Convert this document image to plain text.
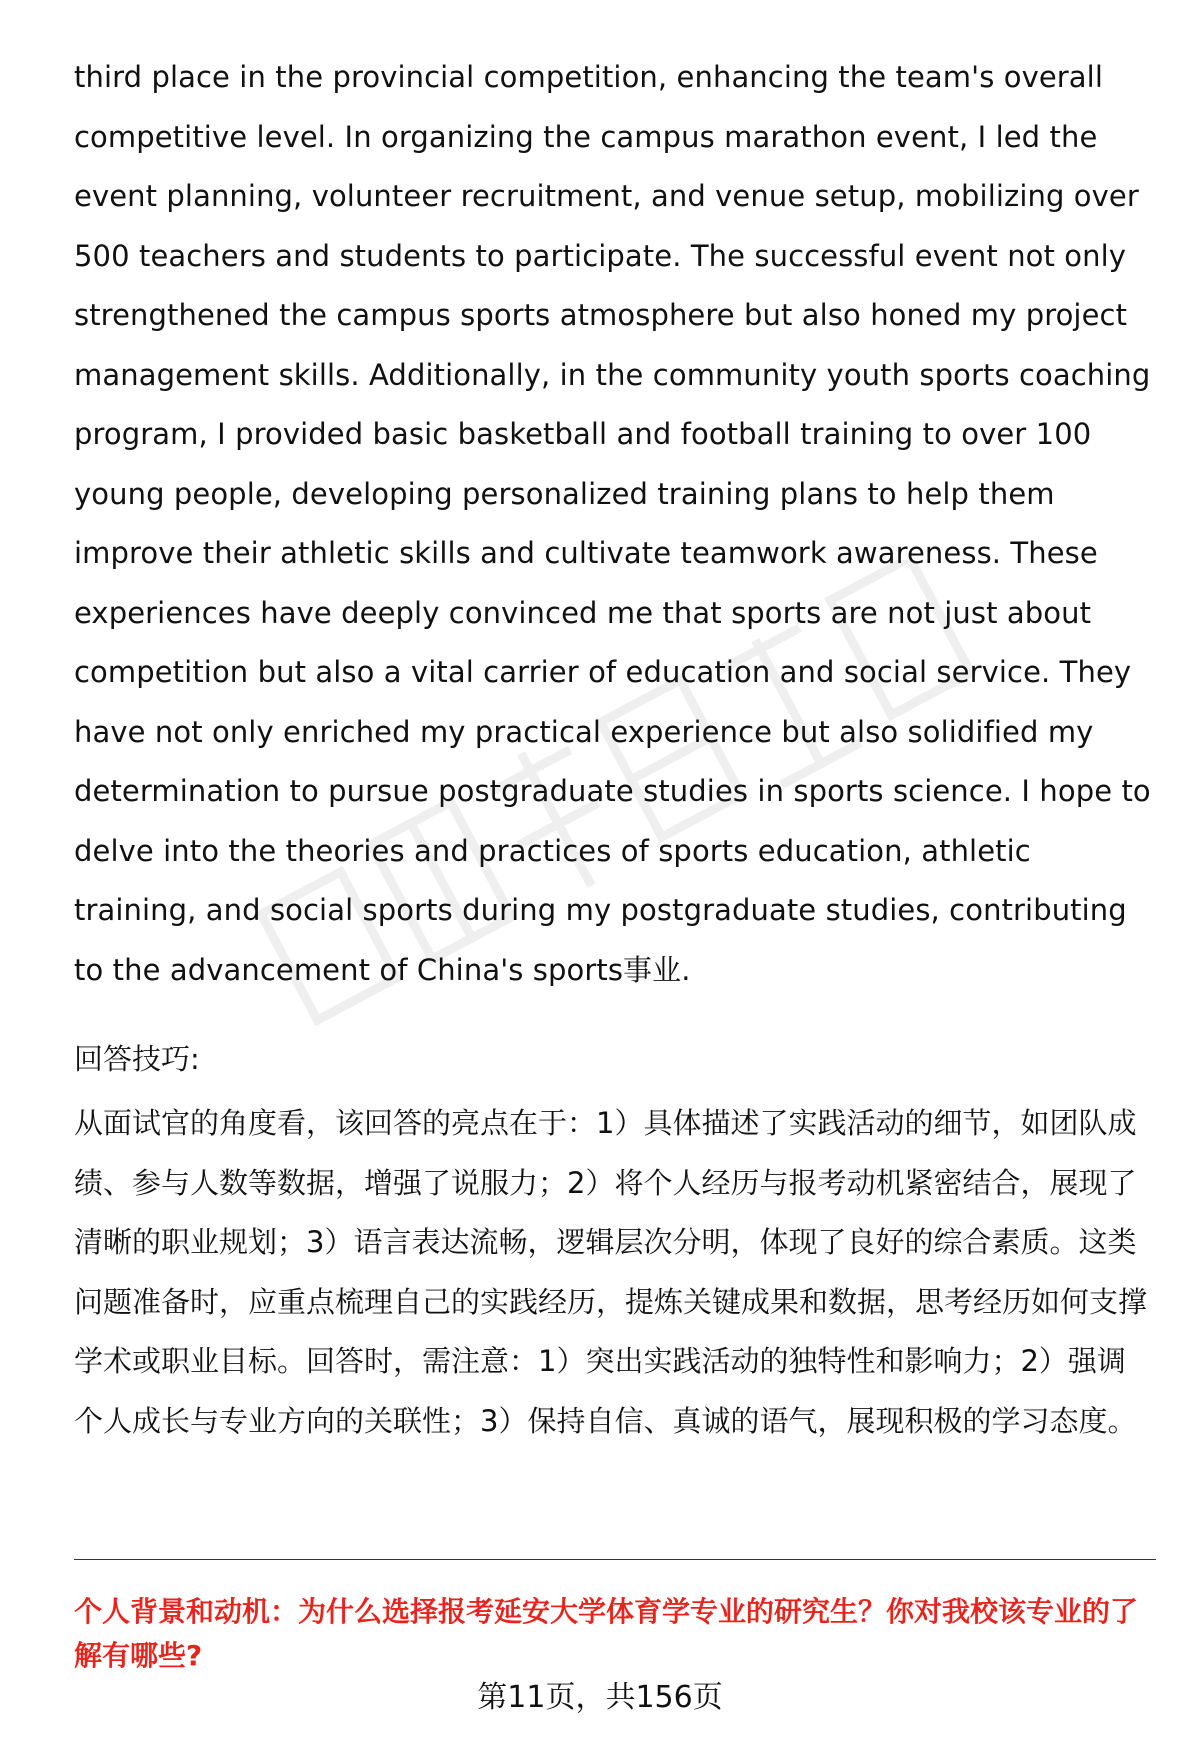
third place in the provincial competition, enhancing the team's overall competitive level. In organizing the campus marathon event, I led the event planning, volunteer recruitment, and venue setup, mobilizing over 500 teachers and students to participate. The successful event not only strengthened the campus sports atmosphere but also honed my project management skills. Additionally, in the community youth sports coaching program, I provided basic basketball and football training to over 100 young people, developing personalized training plans to help them improve their athletic skills and cultivate teamwork awareness. These experiences have deeply convinced me that sports are not just about competition but also a vital carrier of education and social service. They have not only enriched my practical experience but also solidified my determination to pursue postgraduate studies in sports science. I hope to delve into the theories and practices of sports education, athletic training, and social sports during my postgraduate studies, contributing to the advancement of China's sports事业.

回答技巧:

从面试官的角度看，该回答的亮点在于：1）具体描述了实践活动的细节，如团队成绩、参与人数等数据，增强了说服力；2）将个人经历与报考动机紧密结合，展现了清晰的职业规划；3）语言表达流畅，逻辑层次分明，体现了良好的综合素质。这类问题准备时，应重点梳理自己的实践经历，提炼关键成果和数据，思考经历如何支撑学术或职业目标。回答时，需注意：1）突出实践活动的独特性和影响力；2）强调个人成长与专业方向的关联性；3）保持自信、真诚的语气，展现积极的学习态度。

个人背景和动机：为什么选择报考延安大学体育学专业的研究生？你对我校该专业的了解有哪些?

第11页，共156页
